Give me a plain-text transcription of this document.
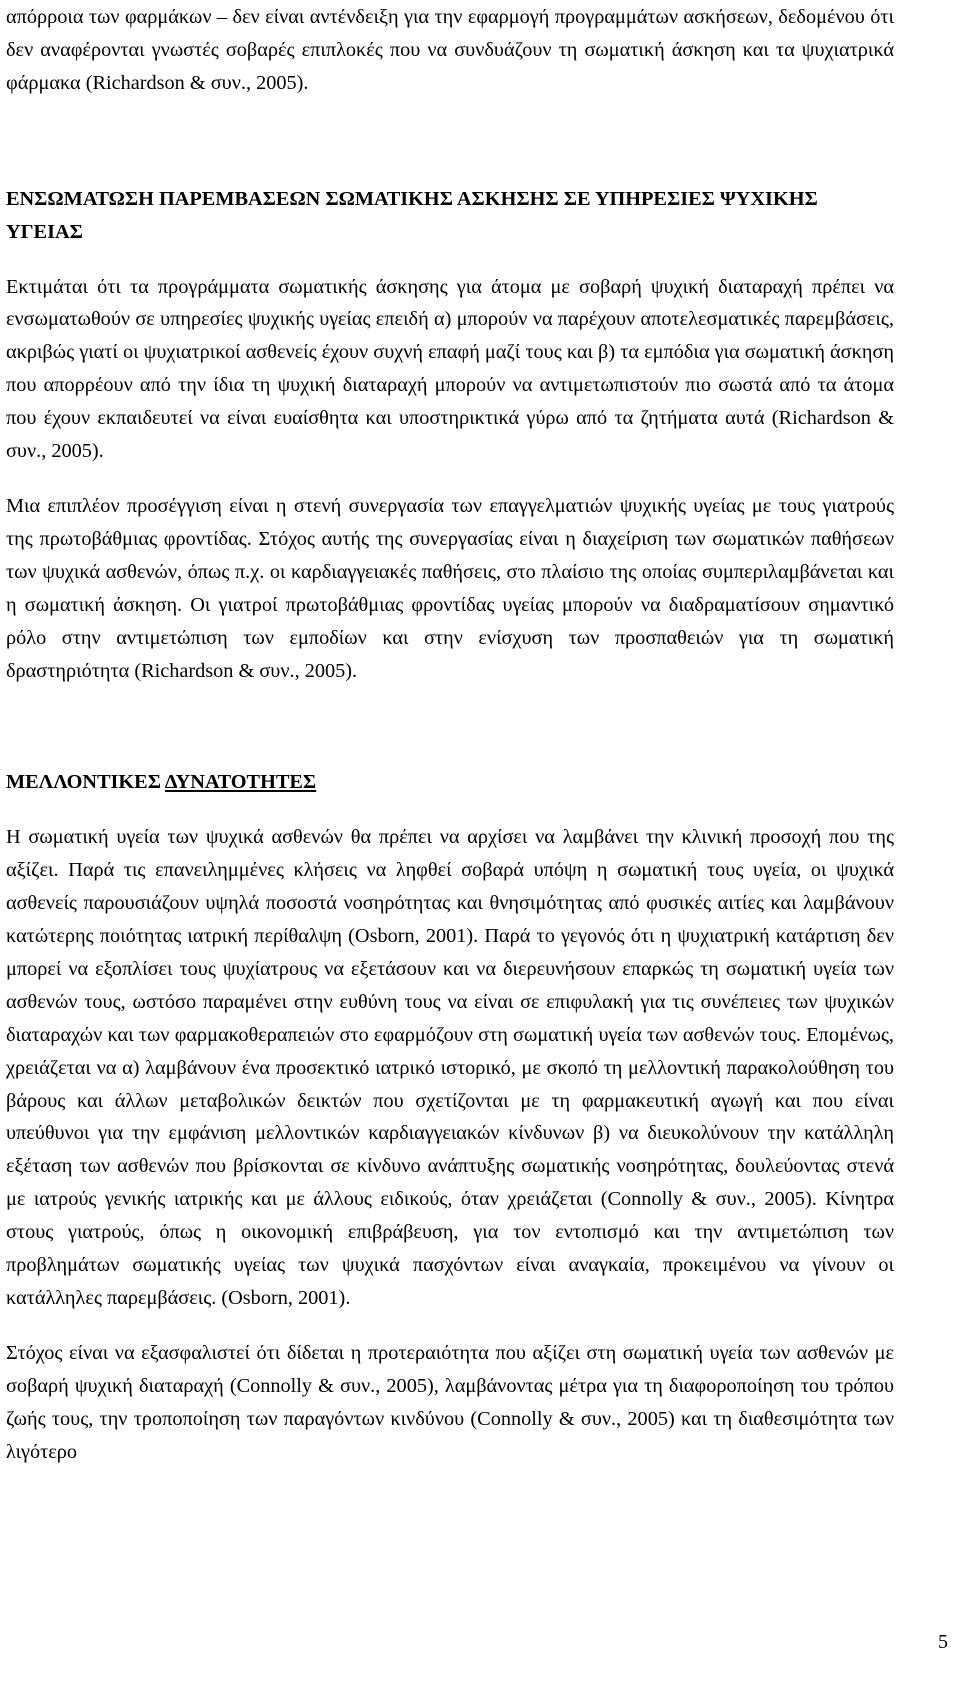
απόρροια των φαρμάκων – δεν είναι αντένδειξη για την εφαρμογή προγραμμάτων ασκήσεων, δεδομένου ότι δεν αναφέρονται γνωστές σοβαρές επιπλοκές που να συνδυάζουν τη σωματική άσκηση και τα ψυχιατρικά φάρμακα (Richardson & συν., 2005).

ΕΝΣΩΜΑΤΩΣΗ ΠΑΡΕΜΒΑΣΕΩΝ ΣΩΜΑΤΙΚΗΣ ΑΣΚΗΣΗΣ ΣΕ ΥΠΗΡΕΣΙΕΣ ΨΥΧΙΚΗΣ ΥΓΕΙΑΣ

Εκτιμάται ότι τα προγράμματα σωματικής άσκησης για άτομα με σοβαρή ψυχική διαταραχή πρέπει να ενσωματωθούν σε υπηρεσίες ψυχικής υγείας επειδή α) μπορούν να παρέχουν αποτελεσματικές παρεμβάσεις, ακριβώς γιατί οι ψυχιατρικοί ασθενείς έχουν συχνή επαφή μαζί τους και β) τα εμπόδια για σωματική άσκηση που απορρέουν από την ίδια τη ψυχική διαταραχή μπορούν να αντιμετωπιστούν πιο σωστά από τα άτομα που έχουν εκπαιδευτεί να είναι ευαίσθητα και υποστηρικτικά γύρω από τα ζητήματα αυτά (Richardson & συν., 2005).

Μια επιπλέον προσέγγιση είναι η στενή συνεργασία των επαγγελματιών ψυχικής υγείας με τους γιατρούς της πρωτοβάθμιας φροντίδας. Στόχος αυτής της συνεργασίας είναι η διαχείριση των σωματικών παθήσεων των ψυχικά ασθενών, όπως π.χ. οι καρδιαγγειακές παθήσεις, στο πλαίσιο της οποίας συμπεριλαμβάνεται και η σωματική άσκηση. Οι γιατροί πρωτοβάθμιας φροντίδας υγείας μπορούν να διαδραματίσουν σημαντικό ρόλο στην αντιμετώπιση των εμποδίων και στην ενίσχυση των προσπαθειών για τη σωματική δραστηριότητα (Richardson & συν., 2005).

ΜΕΛΛΟΝΤΙΚΕΣ ΔΥΝΑΤΟΤΗΤΕΣ

Η σωματική υγεία των ψυχικά ασθενών θα πρέπει να αρχίσει να λαμβάνει την κλινική προσοχή που της αξίζει. Παρά τις επανειλημμένες κλήσεις να ληφθεί σοβαρά υπόψη η σωματική τους υγεία, οι ψυχικά ασθενείς παρουσιάζουν υψηλά ποσοστά νοσηρότητας και θνησιμότητας από φυσικές αιτίες και λαμβάνουν κατώτερης ποιότητας ιατρική περίθαλψη (Osborn, 2001). Παρά το γεγονός ότι η ψυχιατρική κατάρτιση δεν μπορεί να εξοπλίσει τους ψυχίατρους να εξετάσουν και να διερευνήσουν επαρκώς τη σωματική υγεία των ασθενών τους, ωστόσο παραμένει στην ευθύνη τους να είναι σε επιφυλακή για τις συνέπειες των ψυχικών διαταραχών και των φαρμακοθεραπειών στο εφαρμόζουν στη σωματική υγεία των ασθενών τους. Επομένως, χρειάζεται να α) λαμβάνουν ένα προσεκτικό ιατρικό ιστορικό, με σκοπό τη μελλοντική παρακολούθηση του βάρους και άλλων μεταβολικών δεικτών που σχετίζονται με τη φαρμακευτική αγωγή και που είναι υπεύθυνοι για την εμφάνιση μελλοντικών καρδιαγγειακών κίνδυνων β) να διευκολύνουν την κατάλληλη εξέταση των ασθενών που βρίσκονται σε κίνδυνο ανάπτυξης σωματικής νοσηρότητας, δουλεύοντας στενά με ιατρούς γενικής ιατρικής και με άλλους ειδικούς, όταν χρειάζεται (Connolly & συν., 2005). Κίνητρα στους γιατρούς, όπως η οικονομική επιβράβευση, για τον εντοπισμό και την αντιμετώπιση των προβλημάτων σωματικής υγείας των ψυχικά πασχόντων είναι αναγκαία, προκειμένου να γίνουν οι κατάλληλες παρεμβάσεις. (Osborn, 2001).

Στόχος είναι να εξασφαλιστεί ότι δίδεται η προτεραιότητα που αξίζει στη σωματική υγεία των ασθενών με σοβαρή ψυχική διαταραχή (Connolly & συν., 2005), λαμβάνοντας μέτρα για τη διαφοροποίηση του τρόπου ζωής τους, την τροποποίηση των παραγόντων κινδύνου (Connolly & συν., 2005) και τη διαθεσιμότητα των λιγότερο

5
